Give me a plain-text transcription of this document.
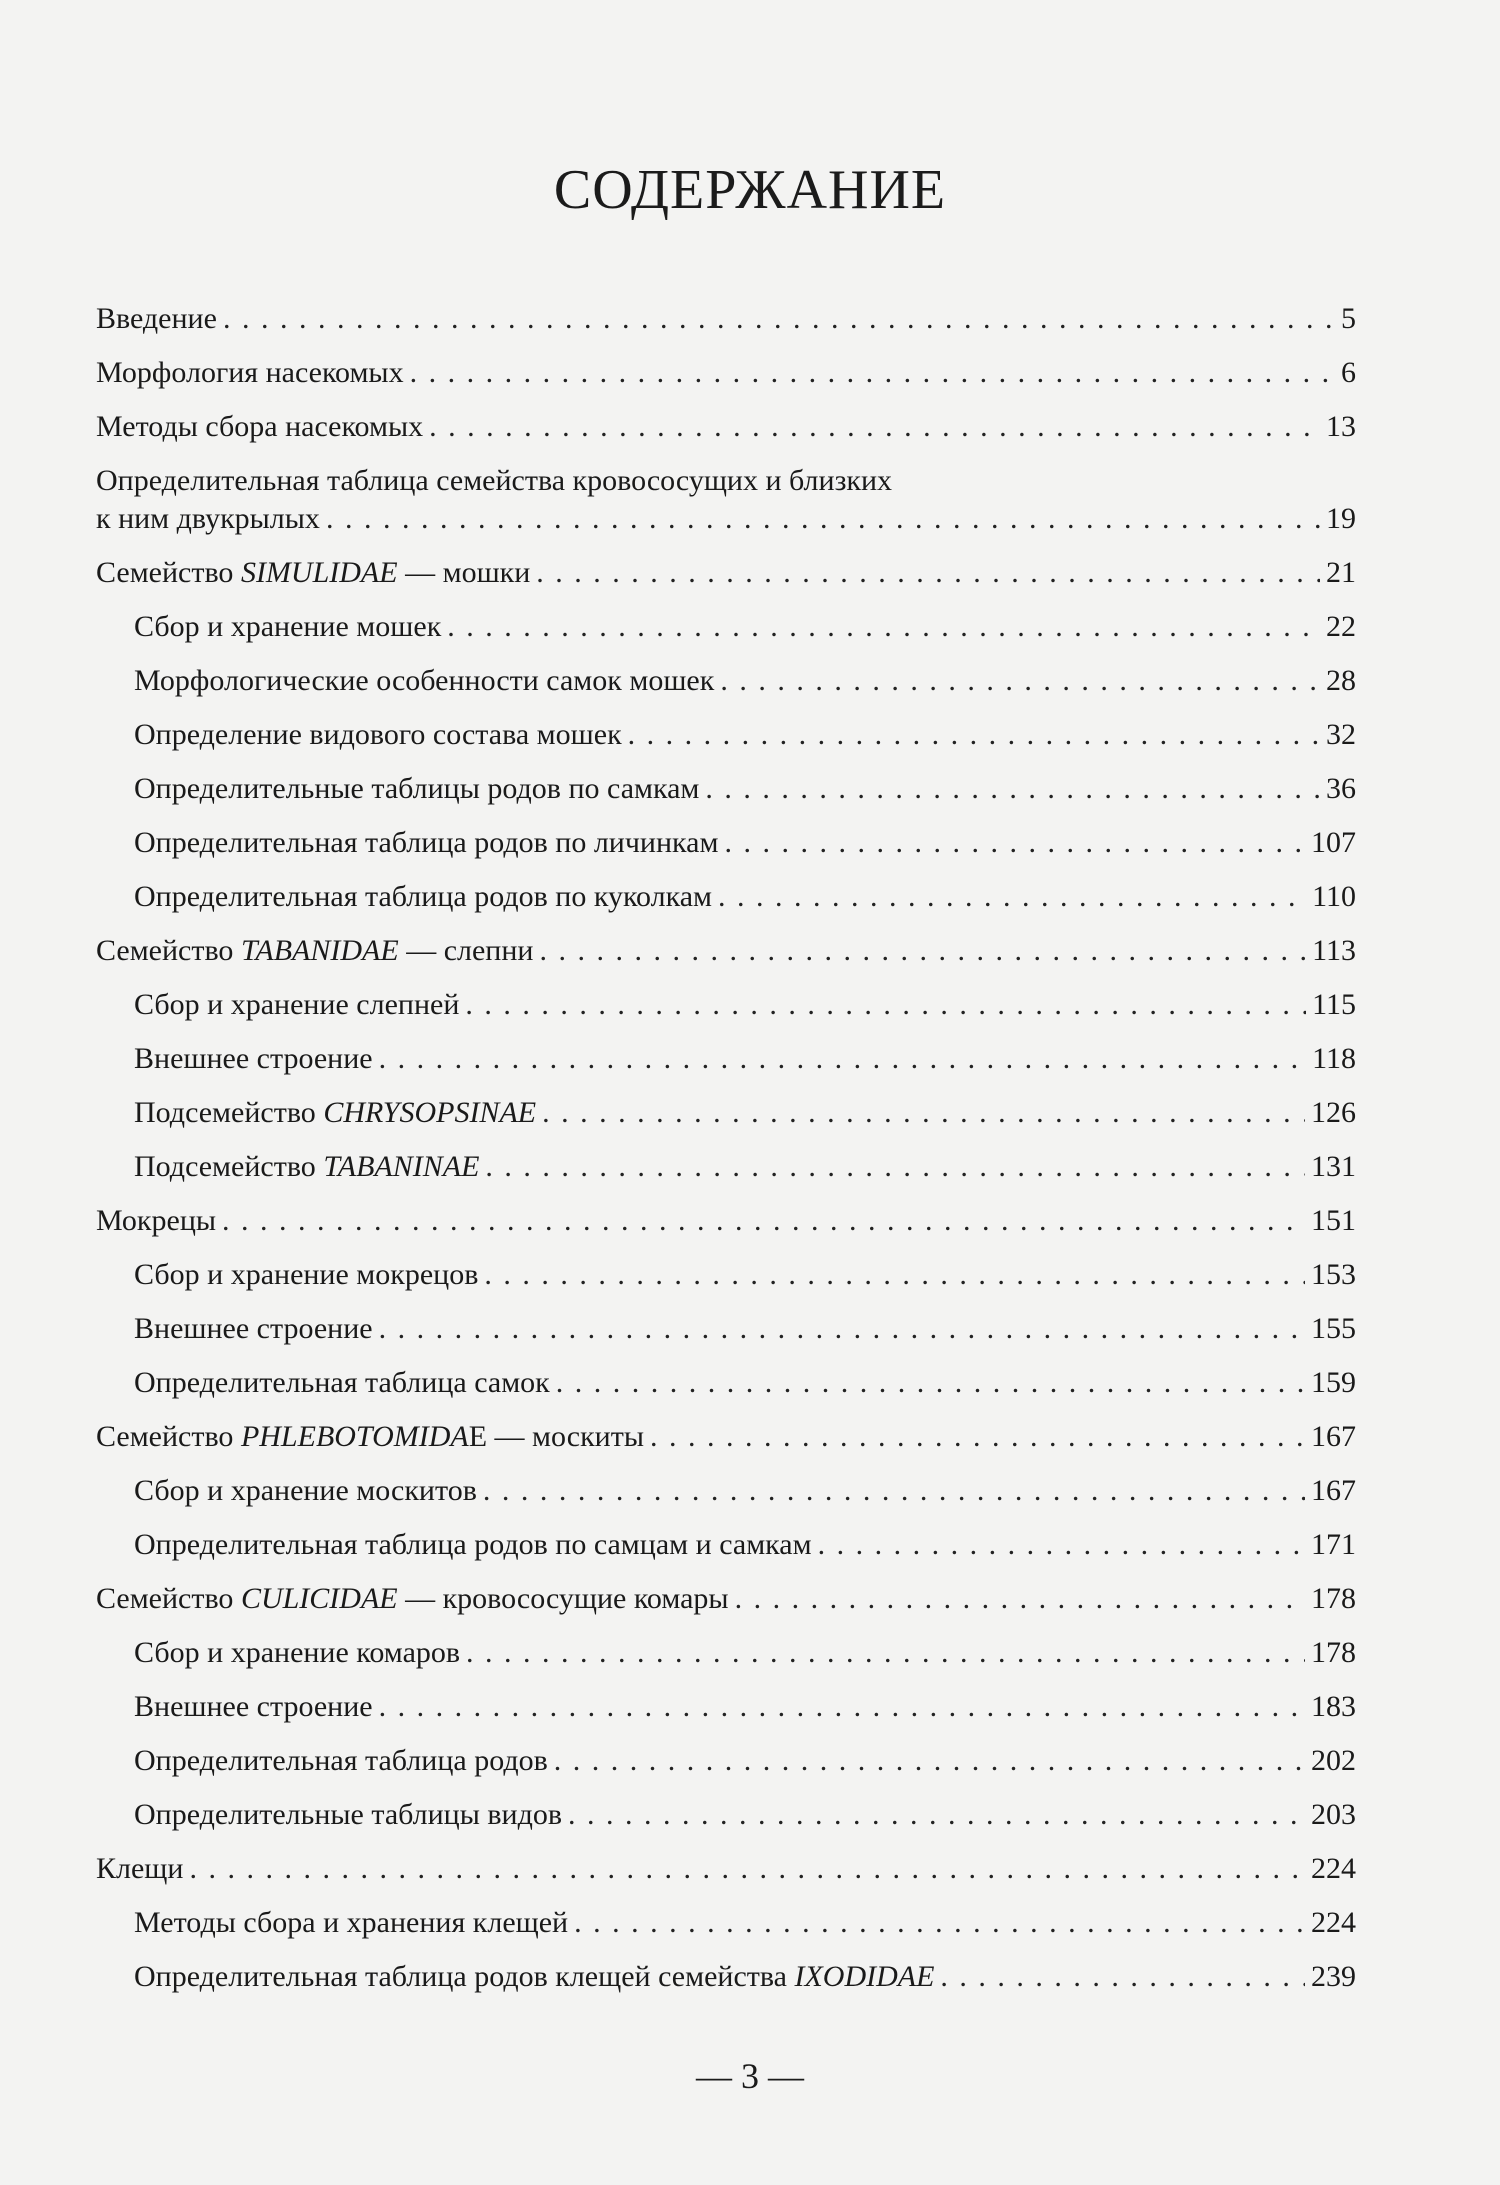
СОДЕРЖАНИЕ
Введение . . .	5
Морфология насекомых . . .	6
Методы сбора насекомых . . .	13
Определительная таблица семейства кровососущих и близких
к ним двукрылых . . .	19
Семейство SIMULIDAE — мошки . . .	21
Сбор и хранение мошек . . .	22
Морфологические особенности самок мошек . . .	28
Определение видового состава мошек . . .	32
Определительные таблицы родов по самкам . . .	36
Определительная таблица родов по личинкам . . .	107
Определительная таблица родов по куколкам . . .	110
Семейство TABANIDAE — слепни . . .	113
Сбор и хранение слепней . . .	115
Внешнее строение . . .	118
Подсемейство CHRYSOPSINAE . . .	126
Подсемейство TABANINAE . . .	131
Мокрецы . . .	151
Сбор и хранение мокрецов . . .	153
Внешнее строение . . .	155
Определительная таблица самок . . .	159
Семейство PHLEBOTOMIDAE — москиты . . .	167
Сбор и хранение москитов . . .	167
Определительная таблица родов по самцам и самкам . . .	171
Семейство CULICIDAE — кровососущие комары . . .	178
Сбор и хранение комаров . . .	178
Внешнее строение . . .	183
Определительная таблица родов . . .	202
Определительные таблицы видов . . .	203
Клещи . . .	224
Методы сбора и хранения клещей . . .	224
Определительная таблица родов клещей семейства IXODIDAE . . .	239
— 3 —
